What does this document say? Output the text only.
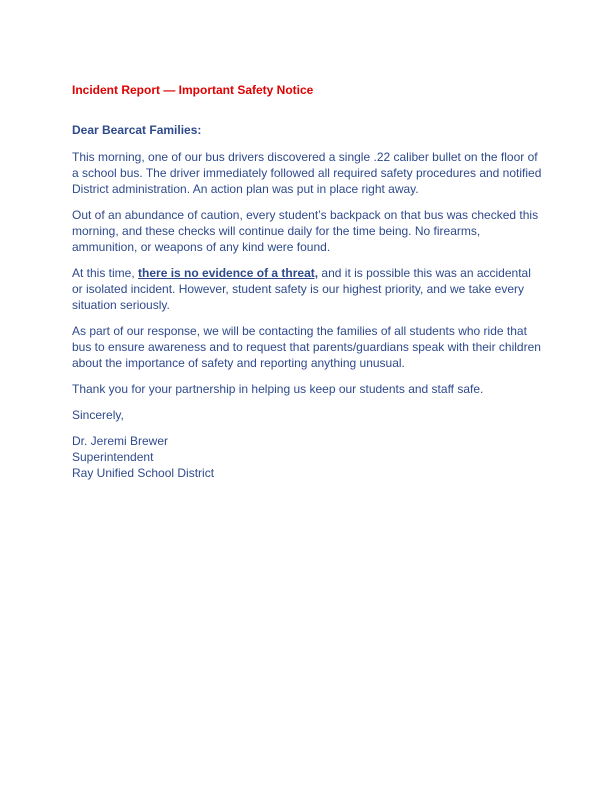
Incident Report — Important Safety Notice
Dear Bearcat Families:

This morning, one of our bus drivers discovered a single .22 caliber bullet on the floor of a school bus. The driver immediately followed all required safety procedures and notified District administration. An action plan was put in place right away.

Out of an abundance of caution, every student’s backpack on that bus was checked this morning, and these checks will continue daily for the time being. No firearms, ammunition, or weapons of any kind were found.

At this time, there is no evidence of a threat, and it is possible this was an accidental or isolated incident. However, student safety is our highest priority, and we take every situation seriously.

As part of our response, we will be contacting the families of all students who ride that bus to ensure awareness and to request that parents/guardians speak with their children about the importance of safety and reporting anything unusual.

Thank you for your partnership in helping us keep our students and staff safe.

Sincerely,

Dr. Jeremi Brewer
Superintendent
Ray Unified School District
